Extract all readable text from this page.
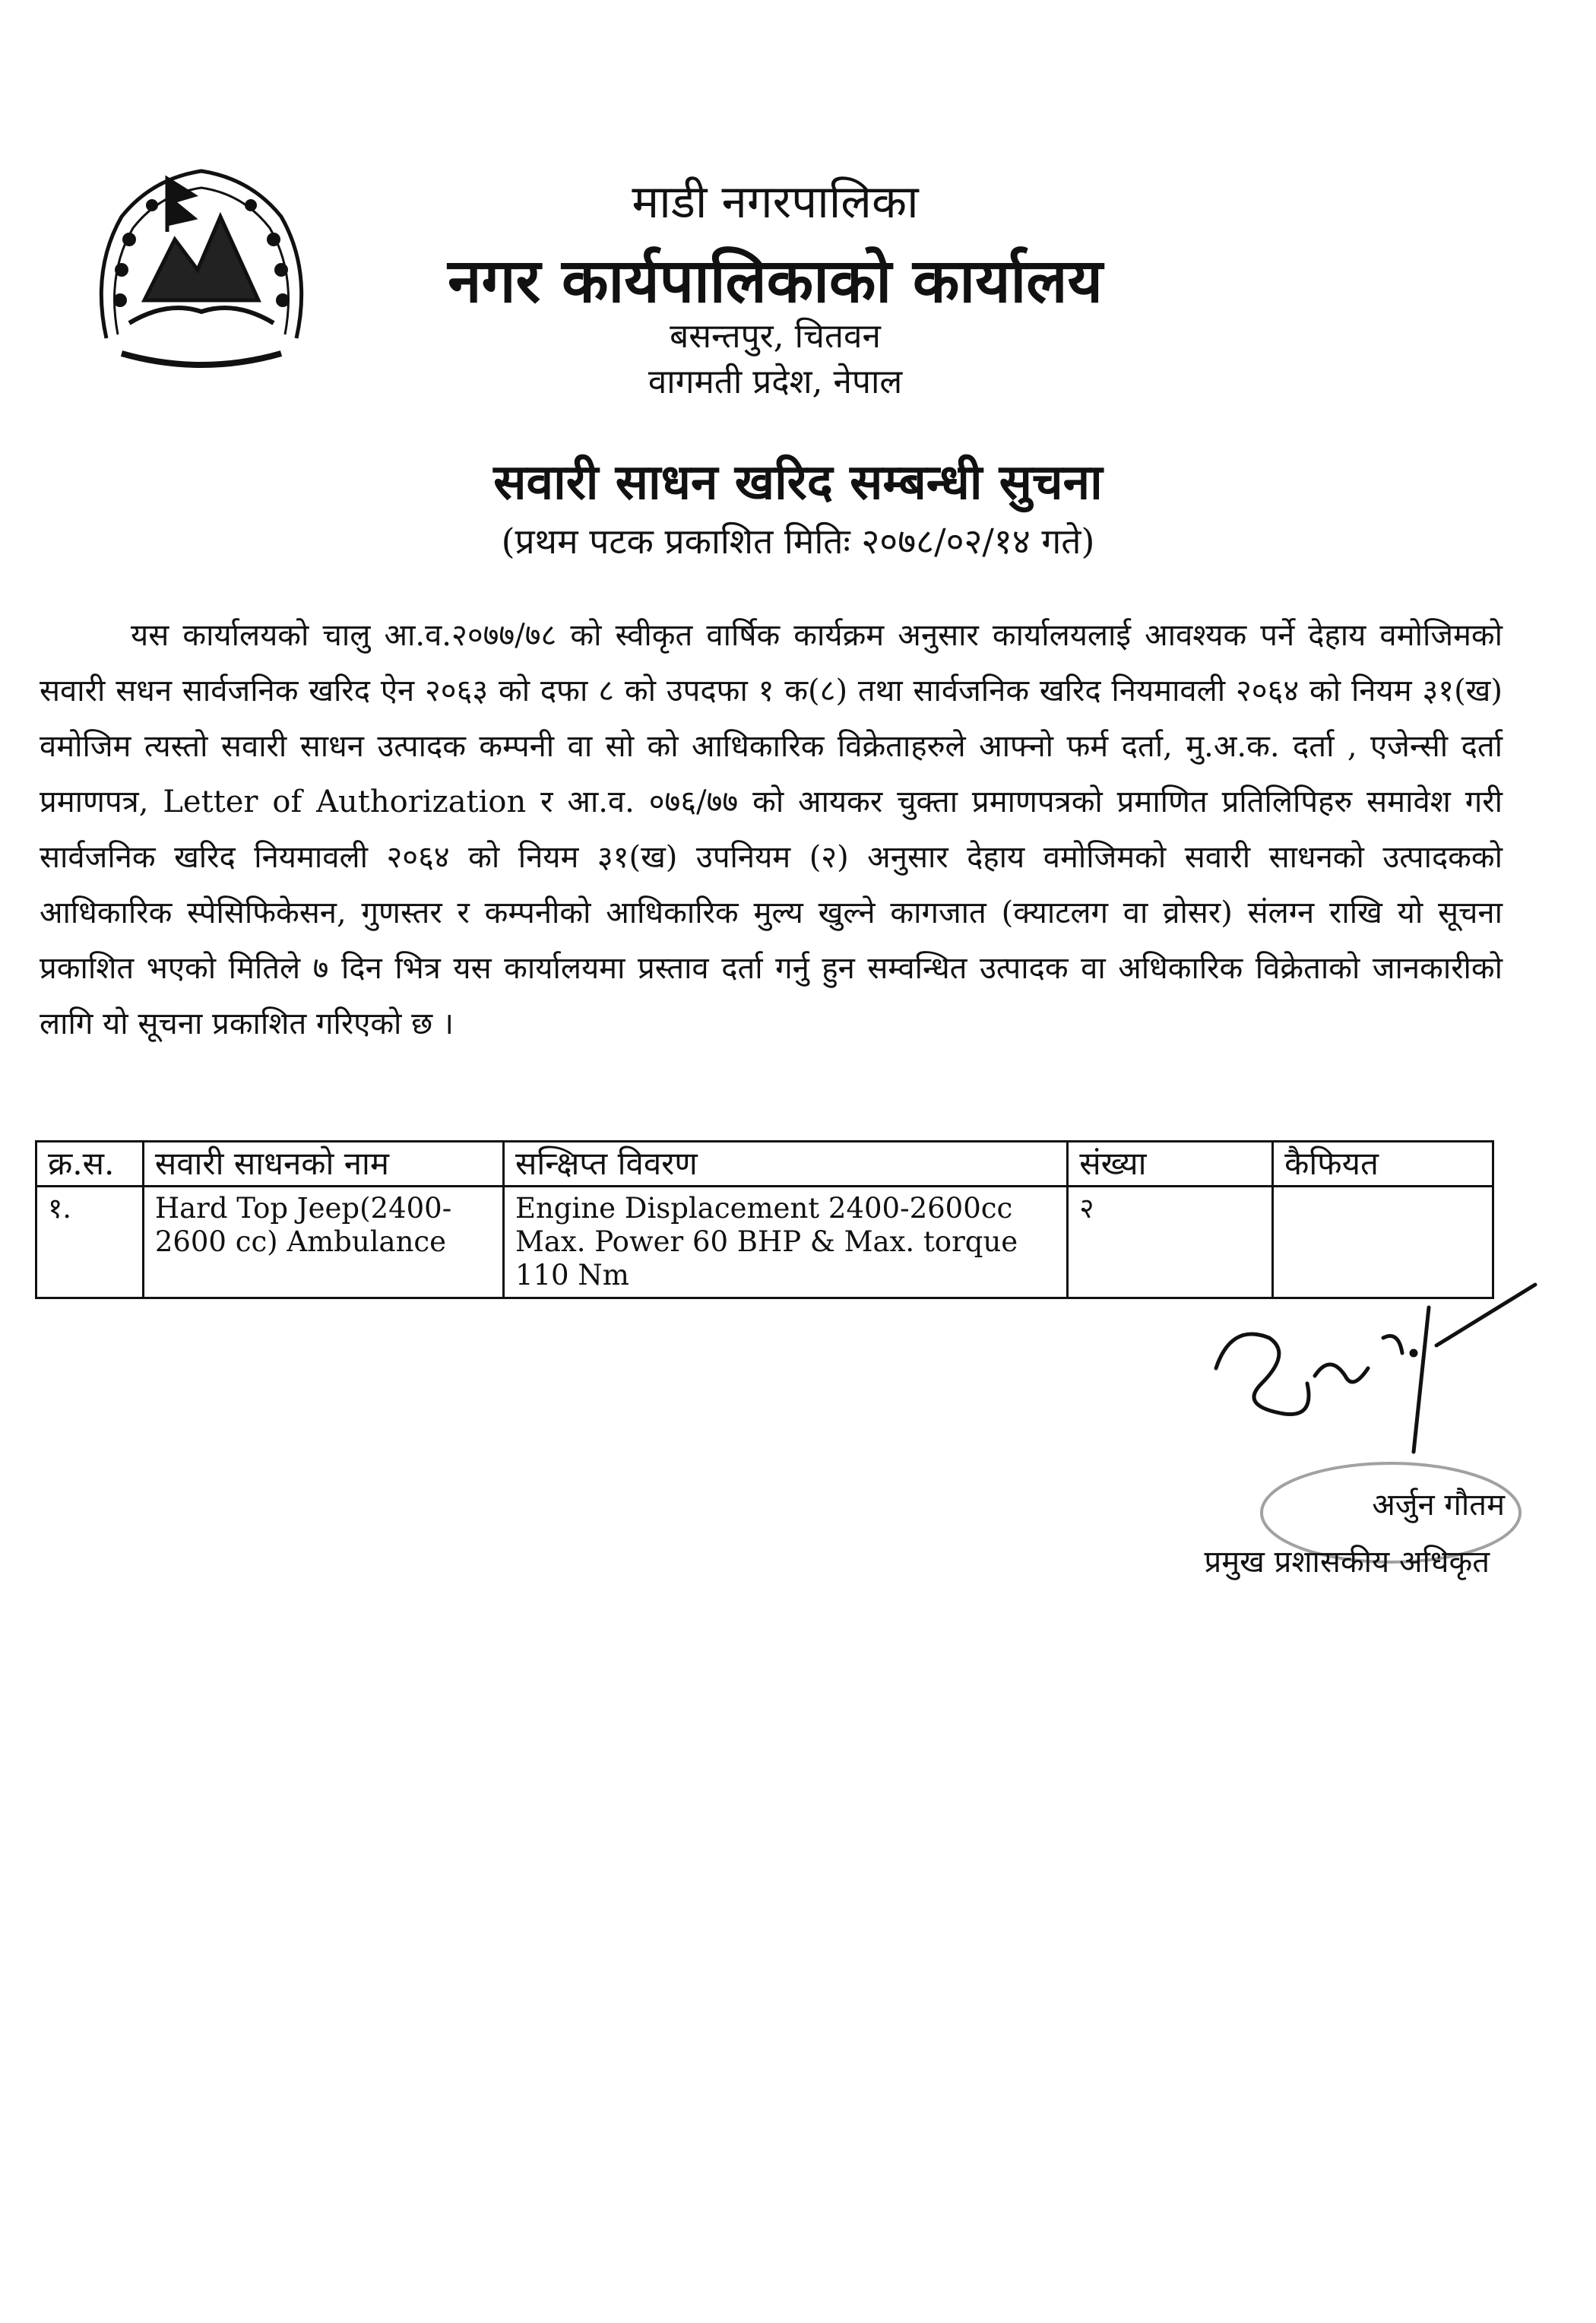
माडी नगरपालिका
नगर कार्यपालिकाको कार्यालय
बसन्तपुर, चितवन
वागमती प्रदेश, नेपाल
सवारी साधन खरिद सम्बन्धी सुचना
(प्रथम पटक प्रकाशित मितिः २०७८/०२/१४ गते)
यस कार्यालयको चालु आ.व.२०७७/७८ को स्वीकृत वार्षिक कार्यक्रम अनुसार कार्यालयलाई आवश्यक पर्ने देहाय वमोजिमको सवारी सधन सार्वजनिक खरिद ऐन २०६३ को दफा ८ को उपदफा १ क(८) तथा सार्वजनिक खरिद नियमावली २०६४ को नियम ३१(ख) वमोजिम त्यस्तो सवारी साधन उत्पादक कम्पनी वा सो को आधिकारिक विक्रेताहरुले आफ्नो फर्म दर्ता, मु.अ.क. दर्ता , एजेन्सी दर्ता प्रमाणपत्र, Letter of Authorization र आ.व. ०७६/७७ को आयकर चुक्ता प्रमाणपत्रको प्रमाणित प्रतिलिपिहरु समावेश गरी सार्वजनिक खरिद नियमावली २०६४ को नियम ३१(ख) उपनियम (२) अनुसार देहाय वमोजिमको सवारी साधनको उत्पादकको आधिकारिक स्पेसिफिकेसन, गुणस्तर र कम्पनीको आधिकारिक मुल्य खुल्ने कागजात (क्याटलग वा व्रोसर) संलग्न राखि यो सूचना प्रकाशित भएको मितिले ७ दिन भित्र यस कार्यालयमा प्रस्ताव दर्ता गर्नु हुन सम्वन्धित उत्पादक वा अधिकारिक विक्रेताको जानकारीको लागि यो सूचना प्रकाशित गरिएको छ ।
क्र.स.	सवारी साधनको नाम	सन्क्षिप्त विवरण	संख्या	कैफियत
१.	Hard Top Jeep(2400-2600 cc) Ambulance	Engine Displacement 2400-2600cc
Max. Power 60 BHP & Max. torque 110 Nm	२	
अर्जुन गौतम
प्रमुख प्रशासकीय अधिकृत
